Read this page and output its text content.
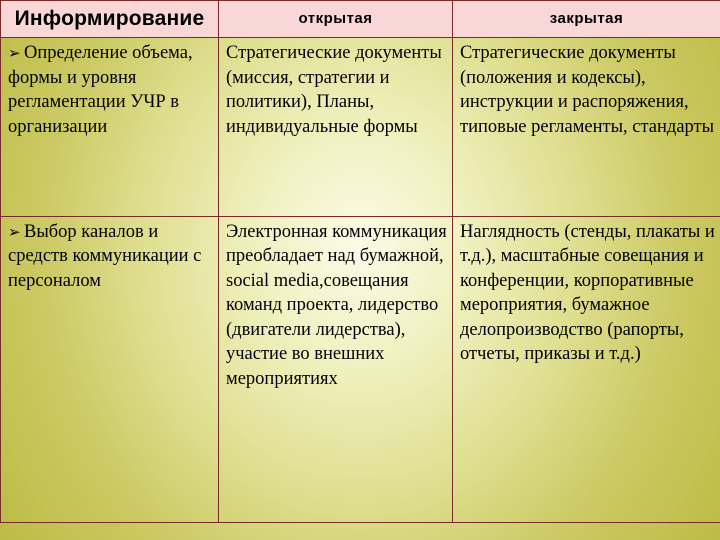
Информирование	открытая	закрытая

➢ Определение объема, формы и уровня регламентации УЧР в организации	Стратегические документы (миссия, стратегии и политики), Планы, индивидуальные формы	Стратегические документы (положения и кодексы), инструкции и распоряжения, типовые регламенты, стандарты

➢ Выбор каналов и средств коммуникации с персоналом	Электронная коммуникация преобладает над бумажной, social media,совещания команд проекта, лидерство (двигатели лидерства), участие во внешних мероприятиях	Наглядность (стенды, плакаты и т.д.), масштабные совещания и конференции, корпоративные мероприятия, бумажное делопроизводство (рапорты, отчеты, приказы и т.д.)
